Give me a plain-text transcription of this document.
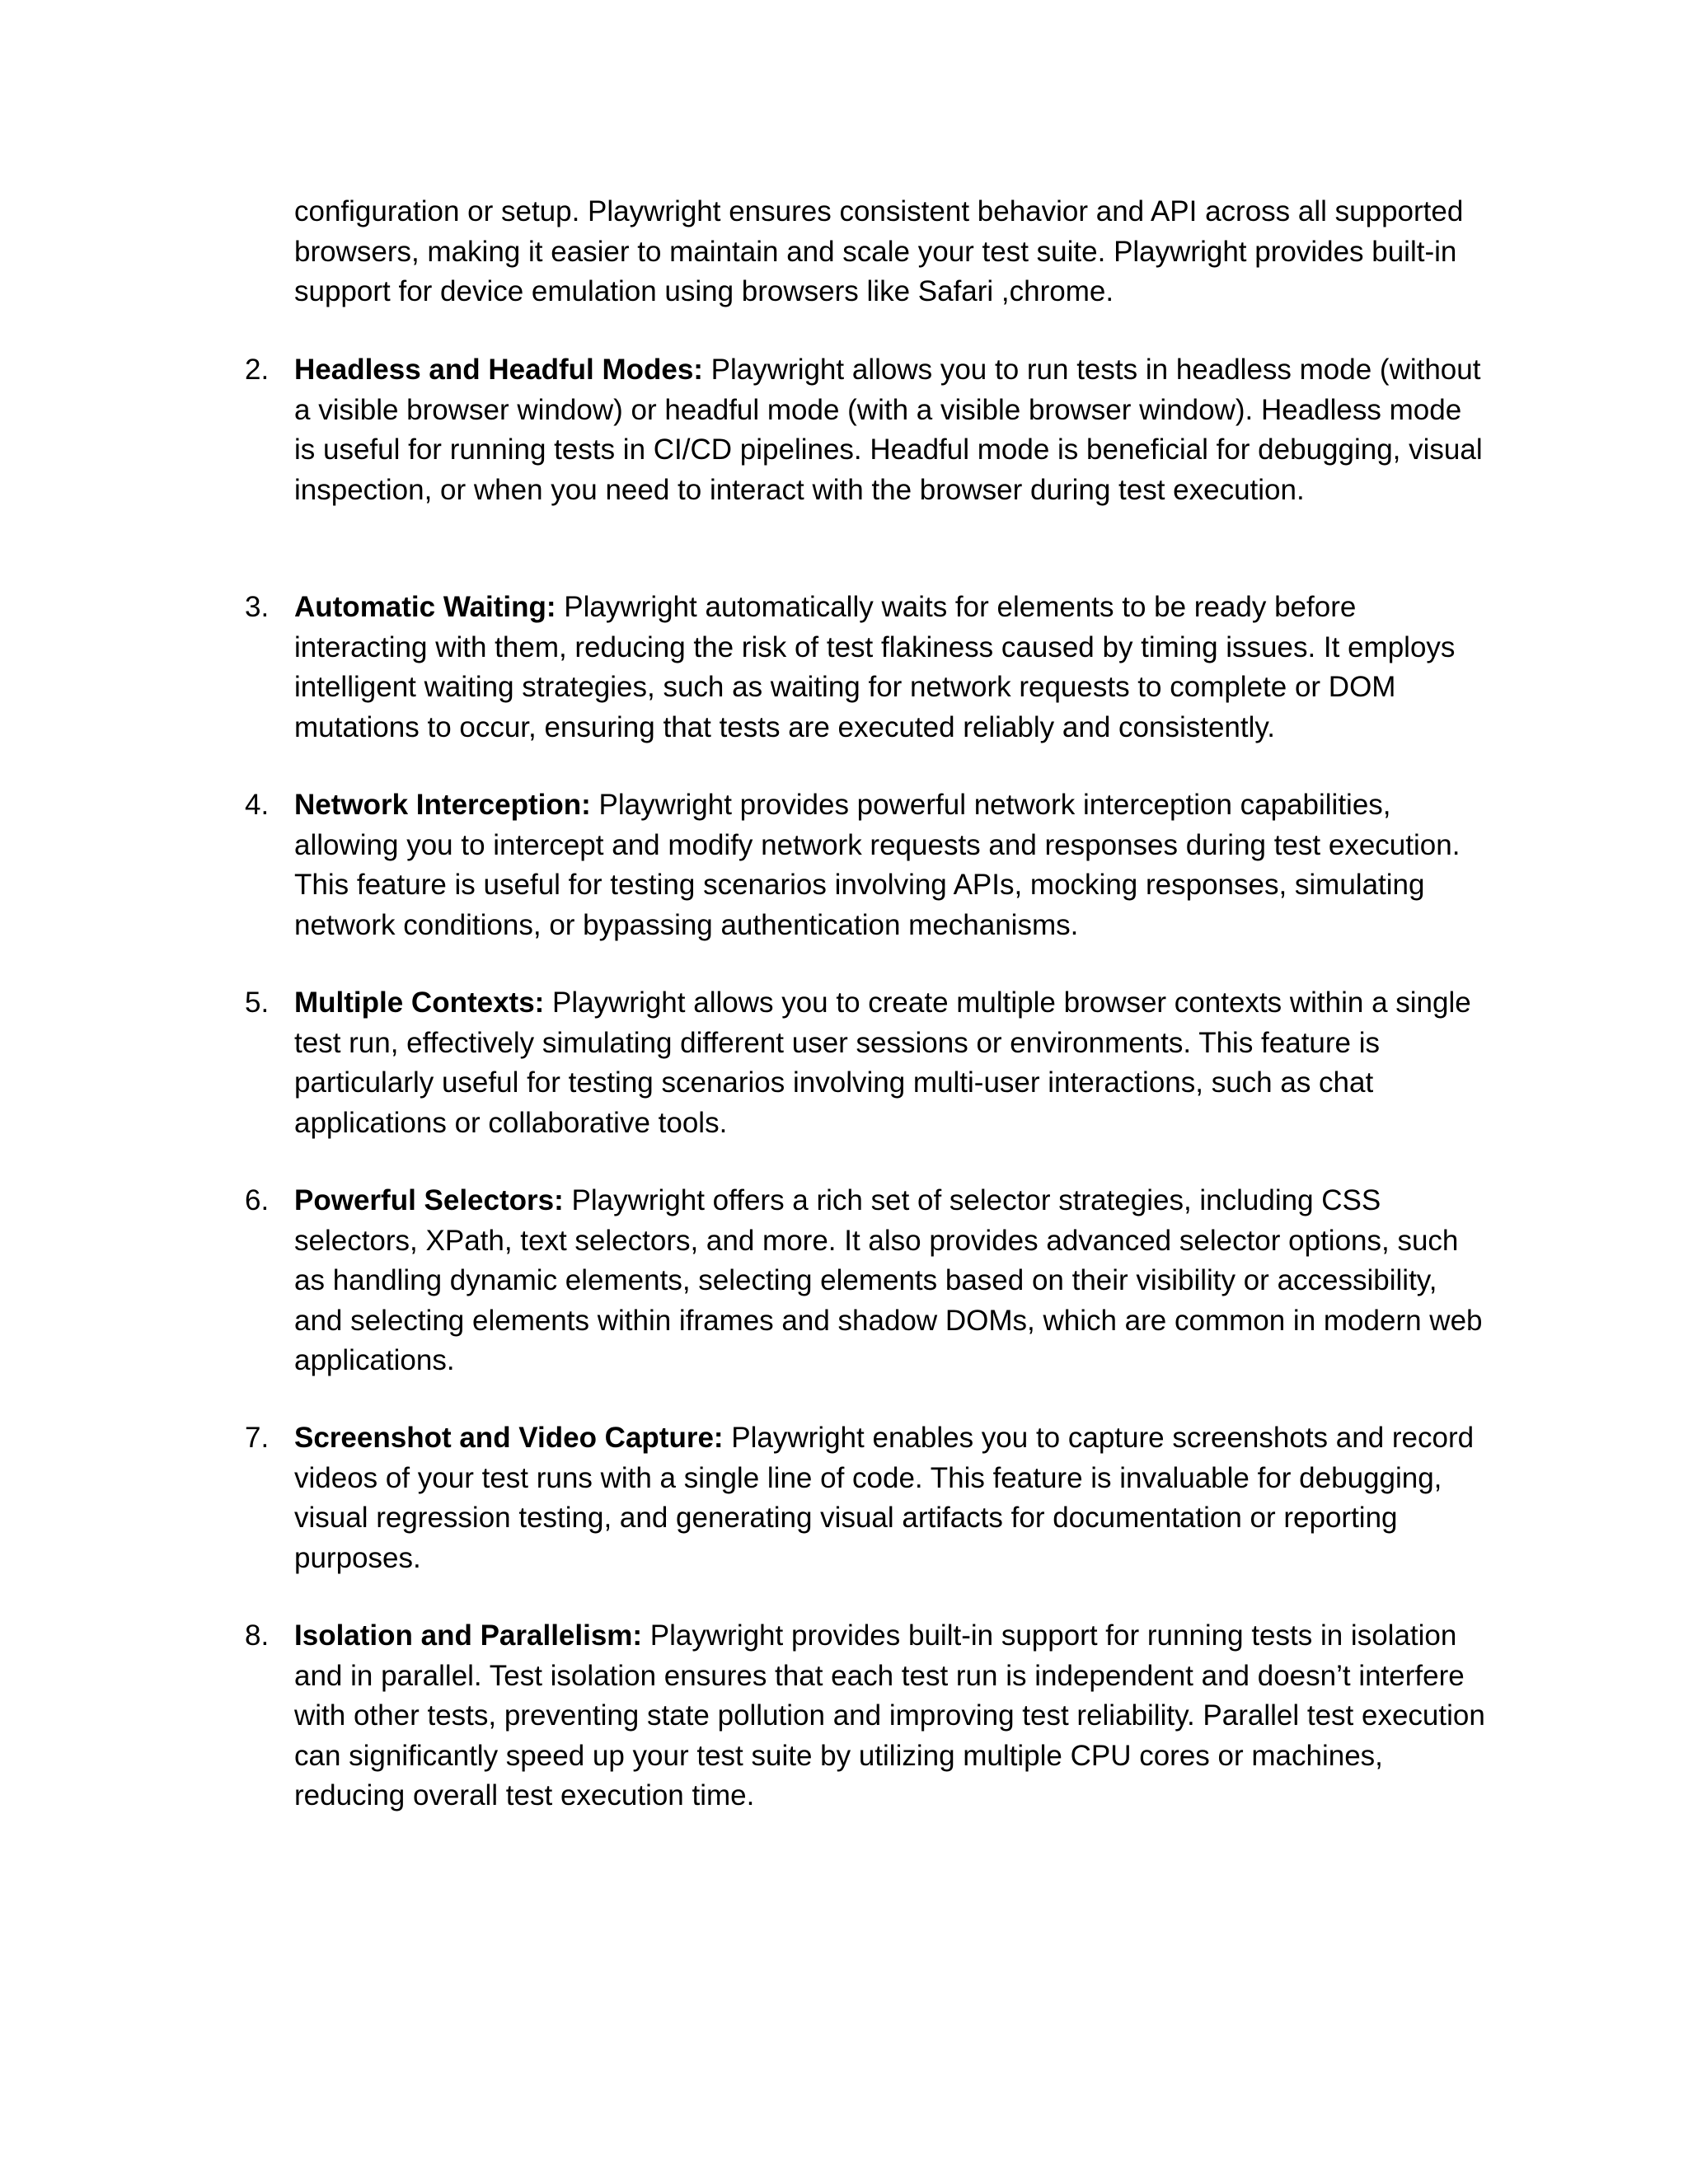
configuration or setup. Playwright ensures consistent behavior and API across all supported browsers, making it easier to maintain and scale your test suite. Playwright provides built-in support for device emulation using browsers like Safari ,chrome.

2. Headless and Headful Modes: Playwright allows you to run tests in headless mode (without a visible browser window) or headful mode (with a visible browser window). Headless mode is useful for running tests in CI/CD pipelines. Headful mode is beneficial for debugging, visual inspection, or when you need to interact with the browser during test execution.

3. Automatic Waiting: Playwright automatically waits for elements to be ready before interacting with them, reducing the risk of test flakiness caused by timing issues. It employs intelligent waiting strategies, such as waiting for network requests to complete or DOM mutations to occur, ensuring that tests are executed reliably and consistently.

4. Network Interception: Playwright provides powerful network interception capabilities, allowing you to intercept and modify network requests and responses during test execution. This feature is useful for testing scenarios involving APIs, mocking responses, simulating network conditions, or bypassing authentication mechanisms.

5. Multiple Contexts: Playwright allows you to create multiple browser contexts within a single test run, effectively simulating different user sessions or environments. This feature is particularly useful for testing scenarios involving multi-user interactions, such as chat applications or collaborative tools.

6. Powerful Selectors: Playwright offers a rich set of selector strategies, including CSS selectors, XPath, text selectors, and more. It also provides advanced selector options, such as handling dynamic elements, selecting elements based on their visibility or accessibility, and selecting elements within iframes and shadow DOMs, which are common in modern web applications.

7. Screenshot and Video Capture: Playwright enables you to capture screenshots and record videos of your test runs with a single line of code. This feature is invaluable for debugging, visual regression testing, and generating visual artifacts for documentation or reporting purposes.

8. Isolation and Parallelism: Playwright provides built-in support for running tests in isolation and in parallel. Test isolation ensures that each test run is independent and doesn’t interfere with other tests, preventing state pollution and improving test reliability. Parallel test execution can significantly speed up your test suite by utilizing multiple CPU cores or machines, reducing overall test execution time.
